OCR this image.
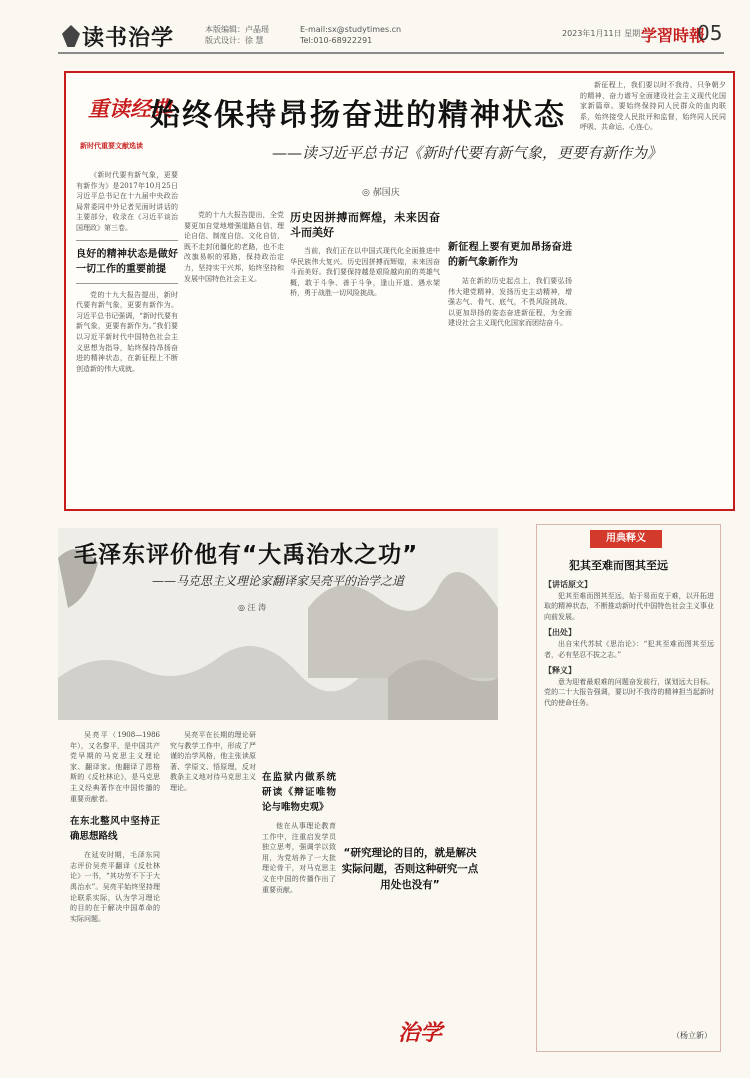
读书治学	本版编辑：卢晶瑶
版式设计：徐 慧
E-mail:sx@studytimes.cn
Tel:010-68922291
2023年1月11日 星期三
学習時報
05
重读经典
新时代重要文献选读
始终保持昂扬奋进的精神状态
——读习近平总书记《新时代要有新气象，更要有新作为》
◎ 郝国庆

《新时代要有新气象，更要有新作为》是2017年10月25日习近平总书记在十九届中央政治局常委同中外记者见面时讲话的主要部分，收录在《习近平谈治国理政》第三卷。

良好的精神状态是做好一切工作的重要前提

党的十九大报告提出，新时代要有新气象，更要有新作为。习近平总书记强调，“新时代要有新气象，更要有新作为。”我们要以习近平新时代中国特色社会主义思想为指导，始终保持昂扬奋进的精神状态，在新征程上不断创造新的伟大成就。

党的十九大报告提出，全党要更加自觉地增强道路自信、理论自信、制度自信、文化自信，既不走封闭僵化的老路，也不走改旗易帜的邪路，保持政治定力，坚持实干兴邦，始终坚持和发展中国特色社会主义。

历史因拼搏而辉煌，未来因奋斗而美好

当前，我们正在以中国式现代化全面推进中华民族伟大复兴。历史因拼搏而辉煌，未来因奋斗而美好。我们要保持越是艰险越向前的英雄气概，敢于斗争、善于斗争，逢山开道、遇水架桥，勇于战胜一切风险挑战。

新征程上要有更加昂扬奋进的新气象新作为

站在新的历史起点上，我们要弘扬伟大建党精神，发扬历史主动精神，增强志气、骨气、底气，不畏风险挑战，以更加昂扬的姿态奋进新征程，为全面建设社会主义现代化国家而团结奋斗。

新征程上，我们要以时不我待、只争朝夕的精神，奋力谱写全面建设社会主义现代化国家新篇章。要始终保持同人民群众的血肉联系，始终接受人民批评和监督，始终同人民同呼吸、共命运、心连心。

毛泽东评价他有“大禹治水之功”
——马克思主义理论家翻译家吴亮平的治学之道
◎ 汪 涛

吴亮平（1908—1986年），又名黎平，是中国共产党早期的马克思主义理论家、翻译家。他翻译了恩格斯的《反杜林论》，是马克思主义经典著作在中国传播的重要贡献者。

在东北整风中坚持正确思想路线

在延安时期，毛泽东同志评价吴亮平翻译《反杜林论》一书，“其功劳不下于大禹治水”。吴亮平始终坚持理论联系实际，认为学习理论的目的在于解决中国革命的实际问题。

吴亮平在长期的理论研究与教学工作中，形成了严谨的治学风格，他主张读原著、学原文、悟原理，反对教条主义地对待马克思主义理论。

在监狱内做系统研读《辩证唯物论与唯物史观》

他在从事理论教育工作中，注重启发学员独立思考，强调学以致用，为党培养了一大批理论骨干，对马克思主义在中国的传播作出了重要贡献。

“研究理论的目的，就是解决实际问题，否则这种研究一点用处也没有”
用典释义
犯其至难而图其至远
【讲话原文】

犯其至难而图其至远，始于易而克于难，以开拓进取的精神状态，不断推动新时代中国特色社会主义事业向前发展。

【出处】

出自宋代苏轼《思治论》：“犯其至难而图其至远者，必有坚忍不拔之志。”

【释义】

意为迎着最艰难的问题奋发前行，谋划远大目标。党的二十大报告强调，要以时不我待的精神担当起新时代的使命任务。

（杨立新）
治学
